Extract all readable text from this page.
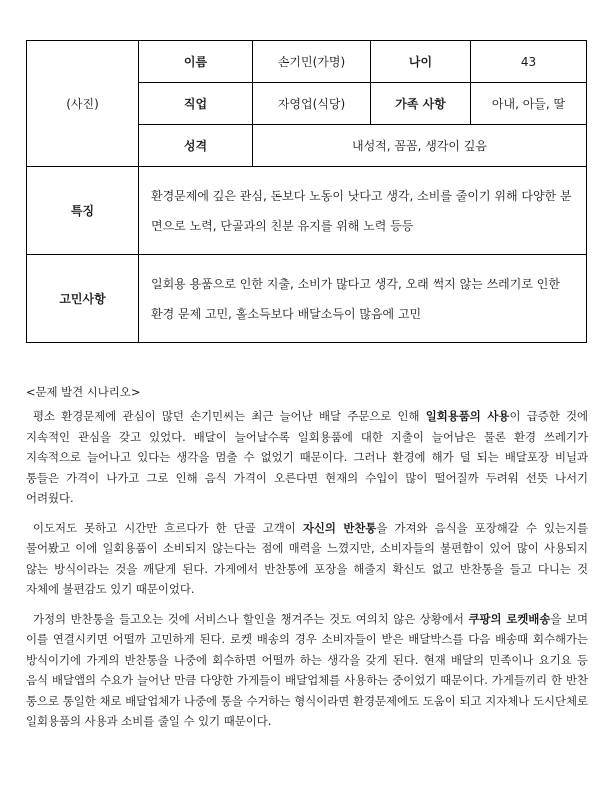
(사진)	이름	손기민(가명)	나이	43
	직업	자영업(식당)	가족 사항	아내, 아들, 딸
	성격	내성적, 꼼꼼, 생각이 깊음		
특징	환경문제에 깊은 관심, 돈보다 노동이 낫다고 생각, 소비를 줄이기 위해 다양한 분면으로 노력, 단골과의 친분 유지를 위해 노력 등등			
고민사항	일회용 용품으로 인한 지출, 소비가 많다고 생각, 오래 썩지 않는 쓰레기로 인한 환경 문제 고민, 홀소득보다 배달소득이 많음에 고민			

<문제 발견 시나리오>

평소 환경문제에 관심이 많던 손기민씨는 최근 늘어난 배달 주문으로 인해 일회용품의 사용이 급증한 것에 지속적인 관심을 갖고 있었다. 배달이 늘어날수록 일회용품에 대한 지출이 늘어남은 물론 환경 쓰레기가 지속적으로 늘어나고 있다는 생각을 멈출 수 없었기 때문이다. 그러나 환경에 해가 덜 되는 배달포장 비닐과 통들은 가격이 나가고 그로 인해 음식 가격이 오른다면 현재의 수입이 많이 떨어질까 두려워 선뜻 나서기 어려웠다.

이도저도 못하고 시간만 흐르다가 한 단골 고객이 자신의 반찬통을 가져와 음식을 포장해갈 수 있는지를 물어봤고 이에 일회용품이 소비되지 않는다는 점에 매력을 느꼈지만, 소비자들의 불편함이 있어 많이 사용되지 않는 방식이라는 것을 깨닫게 된다. 가게에서 반찬통에 포장을 해줄지 확신도 없고 반찬통을 들고 다니는 것 자체에 불편감도 있기 때문이었다.

가정의 반찬통을 들고오는 것에 서비스나 할인을 챙겨주는 것도 여의치 않은 상황에서 쿠팡의 로켓배송을 보며 이를 연결시키면 어떨까 고민하게 된다. 로켓 배송의 경우 소비자들이 받은 배달박스를 다음 배송때 회수해가는 방식이기에 가게의 반찬통을 나중에 회수하면 어떨까 하는 생각을 갖게 된다. 현재 배달의 민족이나 요기요 등 음식 배달앱의 수요가 늘어난 만큼 다양한 가게들이 배달업체를 사용하는 중이었기 때문이다. 가게들끼리 한 반찬 통으로 통일한 채로 배달업체가 나중에 통을 수거하는 형식이라면 환경문제에도 도움이 되고 지자체나 도시단체로 일회용품의 사용과 소비를 줄일 수 있기 때문이다.
